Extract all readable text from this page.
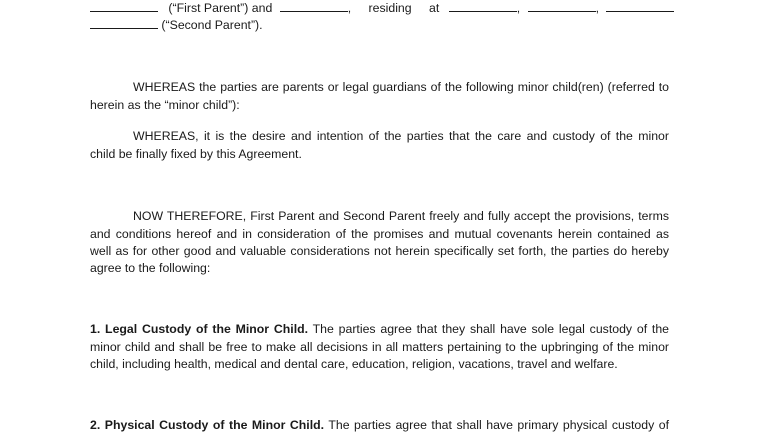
(“First Parent”) and	, residing at	,	,
(“Second Parent”).
WHEREAS the parties are parents or legal guardians of the following minor child(ren) (referred to
herein as the “minor child”):
WHEREAS, it is the desire and intention of the parties that the care and custody of the minor
child be finally fixed by this Agreement.
NOW THEREFORE, First Parent and Second Parent freely and fully accept the provisions, terms
and conditions hereof and in consideration of the promises and mutual covenants herein contained as
well as for other good and valuable considerations not herein specifically set forth, the parties do hereby
agree to the following:
1. Legal Custody of the Minor Child. The parties agree that they shall have sole legal custody of the
minor child and shall be free to make all decisions in all matters pertaining to the upbringing of the minor
child, including health, medical and dental care, education, religion, vacations, travel and welfare.
2. Physical Custody of the Minor Child. The parties agree that shall have primary physical custody of
